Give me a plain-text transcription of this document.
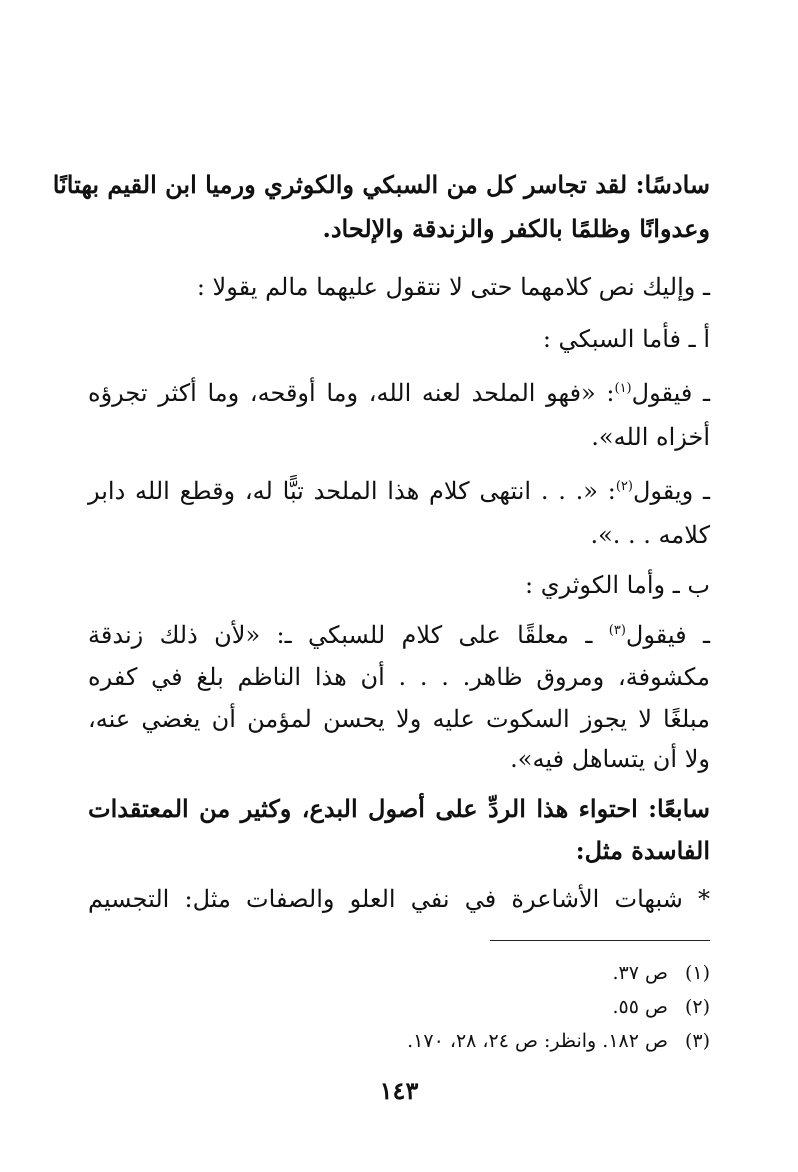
سادسًا: لقد تجاسر كل من السبكي والكوثري ورميا ابن القيم بهتانًا
وعدوانًا وظلمًا بالكفر والزندقة والإلحاد.
ـ وإليك نص كلامهما حتى لا نتقول عليهما مالم يقولا :
أ ـ فأما السبكي :
ـ فيقول$^{(١)}$: «فهو الملحد لعنه الله، وما أوقحه، وما أكثر تجرؤه
أخزاه الله».
ـ ويقول$^{(٢)}$: «. . . انتهى كلام هذا الملحد تبًّا له، وقطع الله دابر
كلامه . . .».
ب ـ وأما الكوثري :
ـ فيقول$^{(٣)}$ ـ معلقًا على كلام للسبكي ـ: «لأن ذلك زندقة
مكشوفة، ومروق ظاهر. . . . أن هذا الناظم بلغ في كفره
مبلغًا لا يجوز السكوت عليه ولا يحسن لمؤمن أن يغضي عنه،
ولا أن يتساهل فيه».
سابعًا: احتواء هذا الردِّ على أصول البدع، وكثير من المعتقدات
الفاسدة مثل:
* شبهات الأشاعرة في نفي العلو والصفات مثل: التجسيم
(١) ص ٣٧.
(٢) ص ٥٥.
(٣) ص ١٨٢. وانظر: ص ٢٤، ٢٨، ١٧٠.
١٤٣
